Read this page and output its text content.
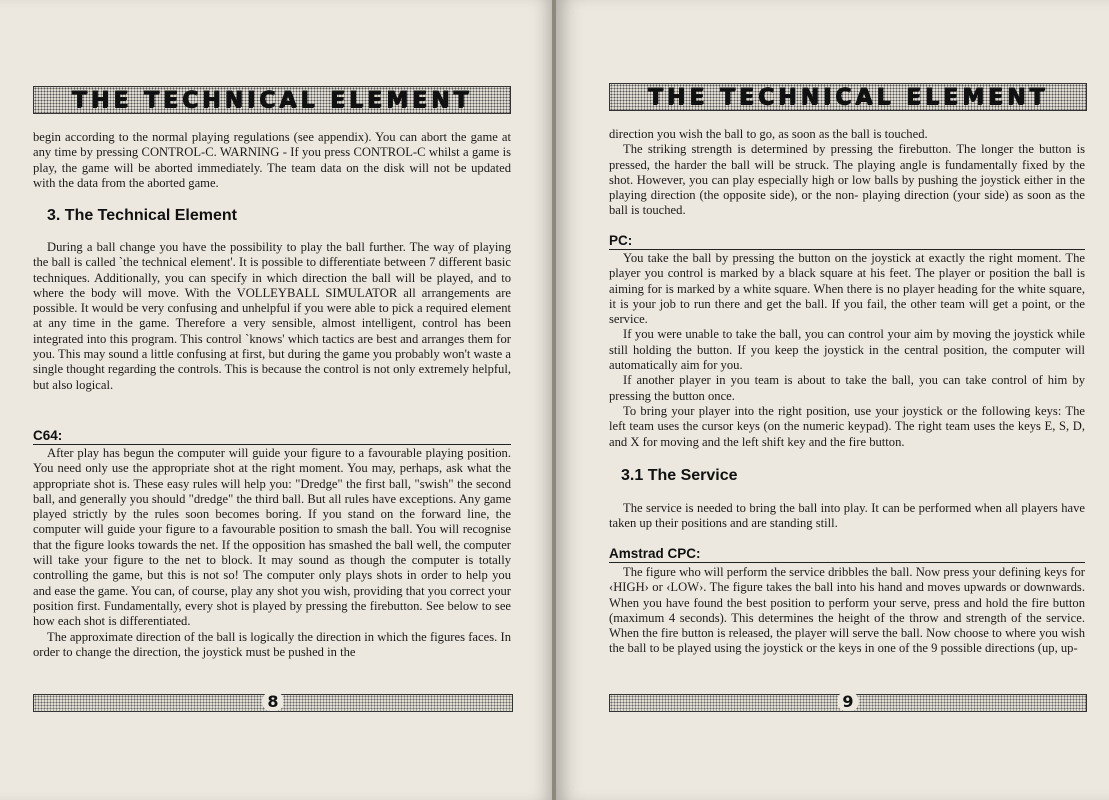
THE TECHNICAL ELEMENT

begin according to the normal playing regulations (see appendix). You can abort the game at any time by pressing CONTROL-C. WARNING - If you press CONTROL-C whilst a game is play, the game will be aborted immediately. The team data on the disk will not be updated with the data from the aborted game.

3. The Technical Element

During a ball change you have the possibility to play the ball further. The way of playing the ball is called `the technical element'. It is possible to differentiate between 7 different basic techniques. Additionally, you can specify in which direction the ball will be played, and to where the body will move. With the VOLLEYBALL SIMULATOR all arrangements are possible. It would be very confusing and unhelpful if you were able to pick a required element at any time in the game. Therefore a very sensible, almost intelligent, control has been integrated into this program. This control `knows' which tactics are best and arranges them for you. This may sound a little confusing at first, but during the game you probably won't waste a single thought regarding the controls. This is because the control is not only extremely helpful, but also logical.

C64:

After play has begun the computer will guide your figure to a favourable playing position. You need only use the appropriate shot at the right moment. You may, perhaps, ask what the appropriate shot is. These easy rules will help you: "Dredge" the first ball, "swish" the second ball, and generally you should "dredge" the third ball. But all rules have exceptions. Any game played strictly by the rules soon becomes boring. If you stand on the forward line, the computer will guide your figure to a favourable position to smash the ball. You will recognise that the figure looks towards the net. If the opposition has smashed the ball well, the computer will take your figure to the net to block. It may sound as though the computer is totally controlling the game, but this is not so! The computer only plays shots in order to help you and ease the game. You can, of course, play any shot you wish, providing that you correct your position first. Fundamentally, every shot is played by pressing the firebutton. See below to see how each shot is differentiated.

The approximate direction of the ball is logically the direction in which the figures faces. In order to change the direction, the joystick must be pushed in the

8
THE TECHNICAL ELEMENT

direction you wish the ball to go, as soon as the ball is touched.

The striking strength is determined by pressing the firebutton. The longer the button is pressed, the harder the ball will be struck. The playing angle is fundamentally fixed by the shot. However, you can play especially high or low balls by pushing the joystick either in the playing direction (the opposite side), or the non- playing direction (your side) as soon as the ball is touched.

PC:

You take the ball by pressing the button on the joystick at exactly the right moment. The player you control is marked by a black square at his feet. The player or position the ball is aiming for is marked by a white square. When there is no player heading for the white square, it is your job to run there and get the ball. If you fail, the other team will get a point, or the service.

If you were unable to take the ball, you can control your aim by moving the joystick while still holding the button. If you keep the joystick in the central position, the computer will automatically aim for you.

If another player in you team is about to take the ball, you can take control of him by pressing the button once.

To bring your player into the right position, use your joystick or the following keys: The left team uses the cursor keys (on the numeric keypad). The right team uses the keys E, S, D, and X for moving and the left shift key and the fire button.

3.1 The Service

The service is needed to bring the ball into play. It can be performed when all players have taken up their positions and are standing still.

Amstrad CPC:

The figure who will perform the service dribbles the ball. Now press your defining keys for ‹HIGH› or ‹LOW›. The figure takes the ball into his hand and moves upwards or downwards. When you have found the best position to perform your serve, press and hold the fire button (maximum 4 seconds). This determines the height of the throw and strength of the service. When the fire button is released, the player will serve the ball. Now choose to where you wish the ball to be played using the joystick or the keys in one of the 9 possible directions (up, up-

9
